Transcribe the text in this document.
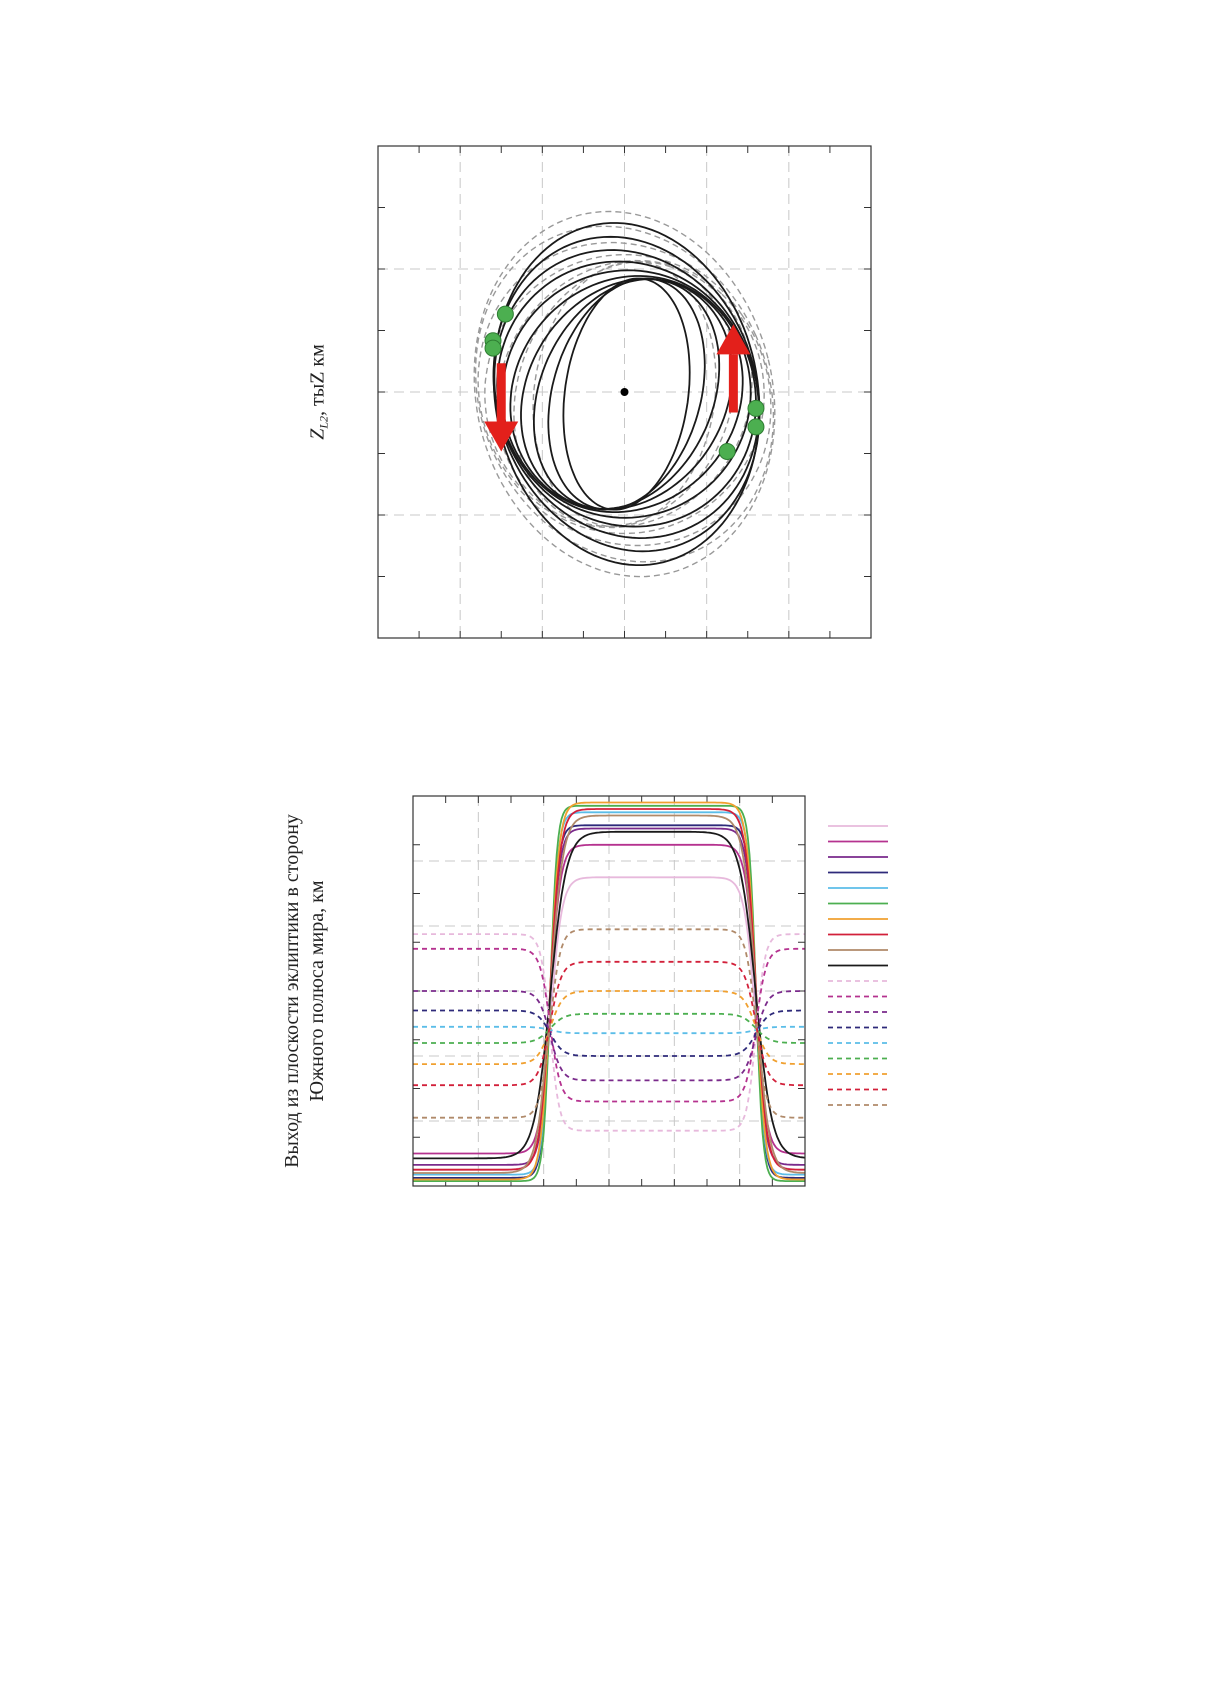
$Z_{L2}$, тыZ км
Выход из плоскости эклиптики в сторону Южного полюса мира, км
